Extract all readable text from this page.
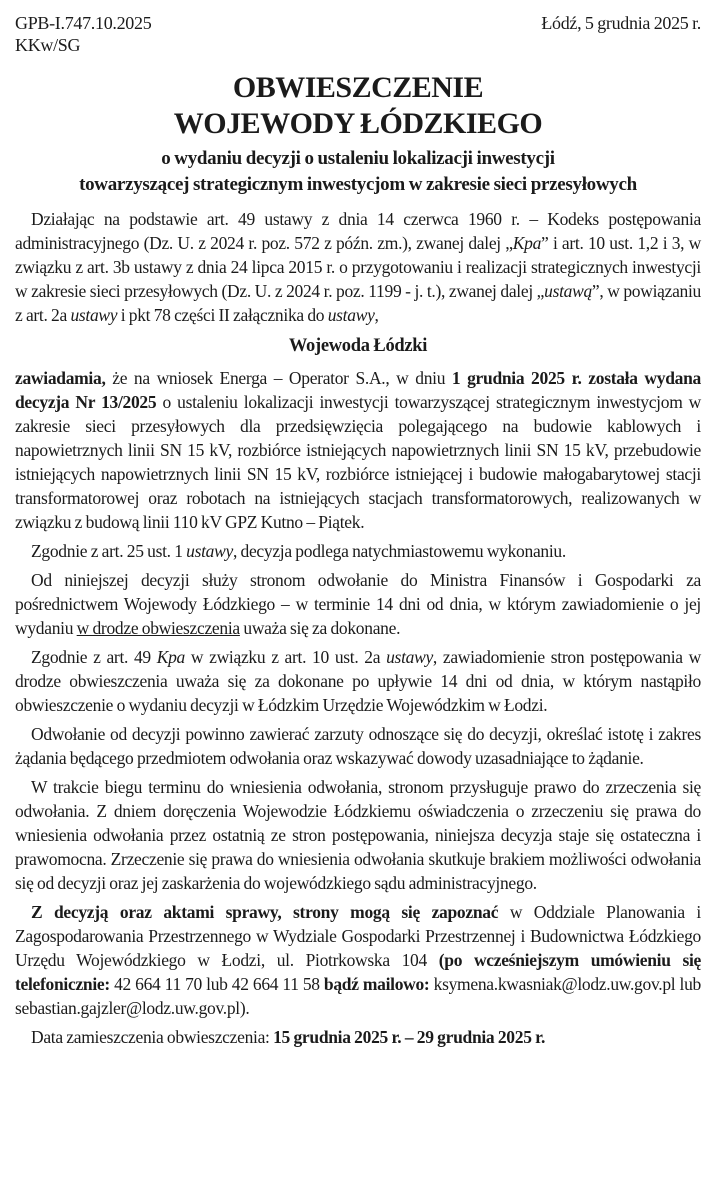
GPB-I.747.10.2025
KKw/SG
Łódź, 5 grudnia 2025 r.
OBWIESZCZENIE
WOJEWODY ŁÓDZKIEGO
o wydaniu decyzji o ustaleniu lokalizacji inwestycji
towarzyszącej strategicznym inwestycjom w zakresie sieci przesyłowych

Działając na podstawie art. 49 ustawy z dnia 14 czerwca 1960 r. – Kodeks postępowania administracyjnego (Dz. U. z 2024 r. poz. 572 z późn. zm.), zwanej dalej „Kpa” i art. 10 ust. 1,2 i 3, w związku z art. 3b ustawy z dnia 24 lipca 2015 r. o przygotowaniu i realizacji strategicznych inwestycji w zakresie sieci przesyłowych (Dz. U. z 2024 r. poz. 1199 - j. t.), zwanej dalej „ustawą”, w powiązaniu z art. 2a ustawy i pkt 78 części II załącznika do ustawy,

Wojewoda Łódzki

zawiadamia, że na wniosek Energa – Operator S.A., w dniu 1 grudnia 2025 r. została wydana decyzja Nr 13/2025 o ustaleniu lokalizacji inwestycji towarzyszącej strategicznym inwestycjom w zakresie sieci przesyłowych dla przedsięwzięcia polegającego na budowie kablowych i napowietrznych linii SN 15 kV, rozbiórce istniejących napowietrznych linii SN 15 kV, przebudowie istniejących napowietrznych linii SN 15 kV, rozbiórce istniejącej i budowie małogabarytowej stacji transformatorowej oraz robotach na istniejących stacjach transformatorowych, realizowanych w związku z budową linii 110 kV GPZ Kutno – Piątek.

Zgodnie z art. 25 ust. 1 ustawy, decyzja podlega natychmiastowemu wykonaniu.

Od niniejszej decyzji służy stronom odwołanie do Ministra Finansów i Gospodarki za pośrednictwem Wojewody Łódzkiego – w terminie 14 dni od dnia, w którym zawiadomienie o jej wydaniu w drodze obwieszczenia uważa się za dokonane.

Zgodnie z art. 49 Kpa w związku z art. 10 ust. 2a ustawy, zawiadomienie stron postępowania w drodze obwieszczenia uważa się za dokonane po upływie 14 dni od dnia, w którym nastąpiło obwieszczenie o wydaniu decyzji w Łódzkim Urzędzie Wojewódzkim w Łodzi.

Odwołanie od decyzji powinno zawierać zarzuty odnoszące się do decyzji, określać istotę i zakres żądania będącego przedmiotem odwołania oraz wskazywać dowody uzasadniające to żądanie.

W trakcie biegu terminu do wniesienia odwołania, stronom przysługuje prawo do zrzeczenia się odwołania. Z dniem doręczenia Wojewodzie Łódzkiemu oświadczenia o zrzeczeniu się prawa do wniesienia odwołania przez ostatnią ze stron postępowania, niniejsza decyzja staje się ostateczna i prawomocna. Zrzeczenie się prawa do wniesienia odwołania skutkuje brakiem możliwości odwołania się od decyzji oraz jej zaskarżenia do wojewódzkiego sądu administracyjnego.

Z decyzją oraz aktami sprawy, strony mogą się zapoznać w Oddziale Planowania i Zagospodarowania Przestrzennego w Wydziale Gospodarki Przestrzennej i Budownictwa Łódzkiego Urzędu Wojewódzkiego w Łodzi, ul. Piotrkowska 104 (po wcześniejszym umówieniu się telefonicznie: 42 664 11 70 lub 42 664 11 58 bądź mailowo: ksymena.kwasniak@lodz.uw.gov.pl lub sebastian.gajzler@lodz.uw.gov.pl).

Data zamieszczenia obwieszczenia: 15 grudnia 2025 r. – 29 grudnia 2025 r.
